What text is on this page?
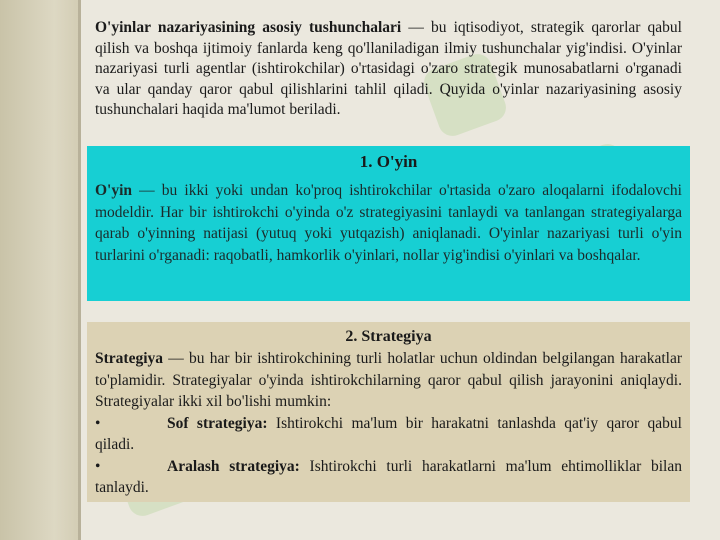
O'yinlar nazariyasining asosiy tushunchalari — bu iqtisodiyot, strategik qarorlar qabul qilish va boshqa ijtimoiy fanlarda keng qo'llaniladigan ilmiy tushunchalar yig'indisi. O'yinlar nazariyasi turli agentlar (ishtirokchilar) o'rtasidagi o'zaro strategik munosabatlarni o'rganadi va ular qanday qaror qabul qilishlarini tahlil qiladi. Quyida o'yinlar nazariyasining asosiy tushunchalari haqida ma'lumot beriladi.
1. O'yin
O'yin — bu ikki yoki undan ko'proq ishtirokchilar o'rtasida o'zaro aloqalarni ifodalovchi modeldir. Har bir ishtirokchi o'yinda o'z strategiyasini tanlaydi va tanlangan strategiyalarga qarab o'yinning natijasi (yutuq yoki yutqazish) aniqlanadi. O'yinlar nazariyasi turli o'yin turlarini o'rganadi: raqobatli, hamkorlik o'yinlari, nollar yig'indisi o'yinlari va boshqalar.
2. Strategiya
Strategiya — bu har bir ishtirokchining turli holatlar uchun oldindan belgilangan harakatlar to'plamidir. Strategiyalar o'yinda ishtirokchilarning qaror qabul qilish jarayonini aniqlaydi. Strategiyalar ikki xil bo'lishi mumkin:
•	Sof strategiya: Ishtirokchi ma'lum bir harakatni tanlashda qat'iy qaror qabul qiladi.
•	Aralash strategiya: Ishtirokchi turli harakatlarni ma'lum ehtimolliklar bilan tanlaydi.
